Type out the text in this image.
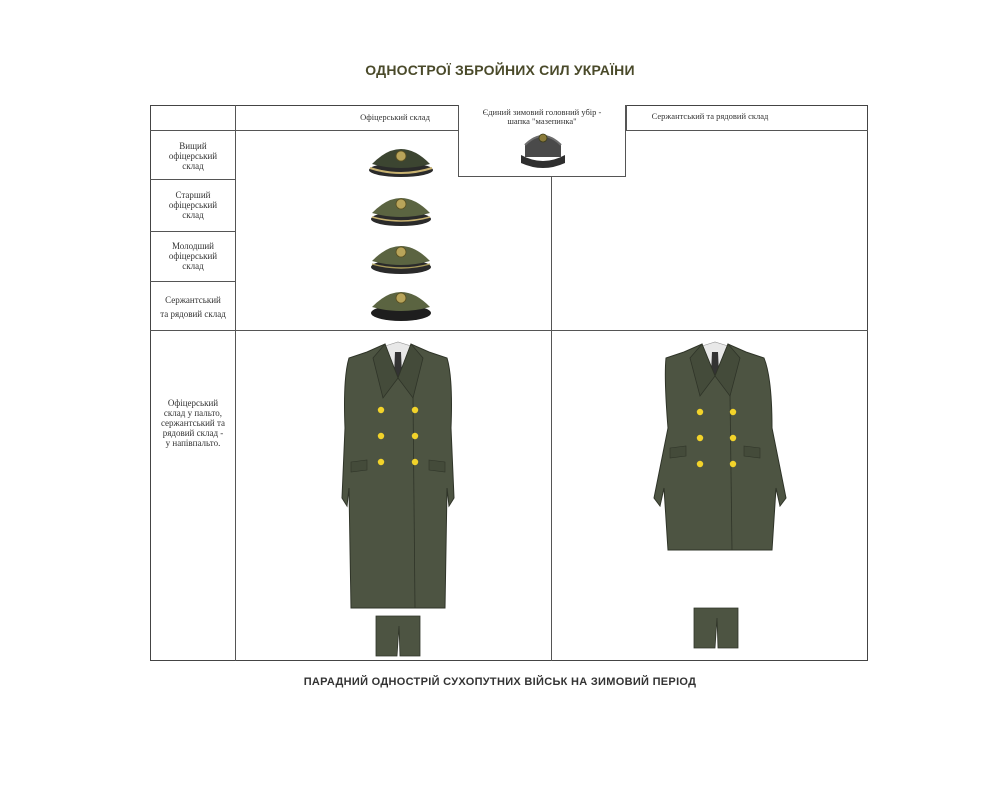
ОДНОСТРОЇ ЗБРОЙНИХ СИЛ УКРАЇНИ
Офіцерський склад	Сержантський та рядовий склад
Єдиний зимовий головний убір -
шапка "мазепинка"
Вищий
офіцерський
склад
Старший
офіцерський
склад
Молодший
офіцерський
склад
Сержантський
та рядовий склад
Офіцерський
склад у пальто,
сержантський та
рядовий склад -
у напівпальто.
ПАРАДНИЙ ОДНОСТРІЙ СУХОПУТНИХ ВІЙСЬК НА ЗИМОВИЙ ПЕРІОД
